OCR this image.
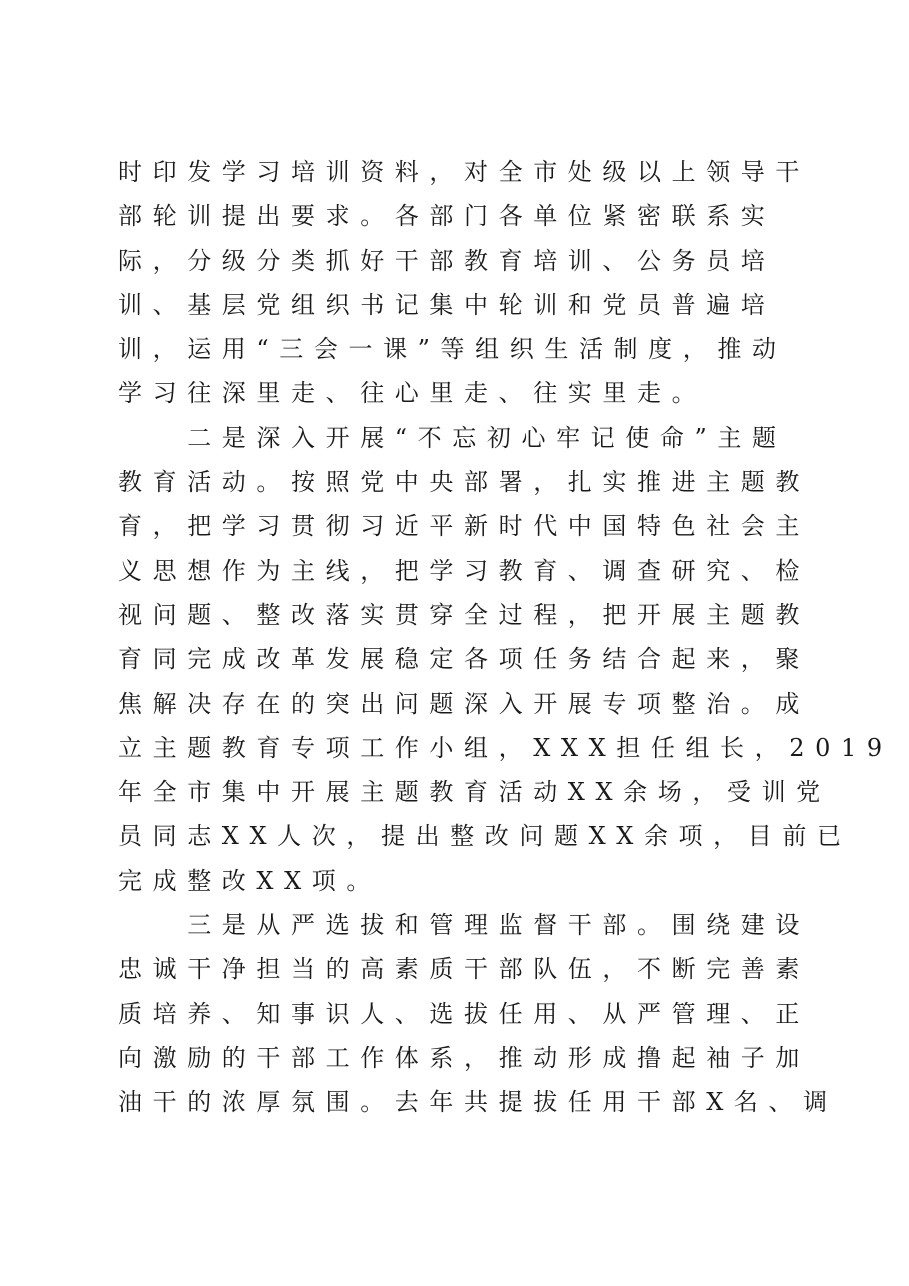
时印发学习培训资料，对全市处级以上领导干
部轮训提出要求。各部门各单位紧密联系实
际，分级分类抓好干部教育培训、公务员培
训、基层党组织书记集中轮训和党员普遍培
训，运用“三会一课”等组织生活制度，推动
学习往深里走、往心里走、往实里走。
　　二是深入开展“不忘初心牢记使命”主题
教育活动。按照党中央部署，扎实推进主题教
育，把学习贯彻习近平新时代中国特色社会主
义思想作为主线，把学习教育、调查研究、检
视问题、整改落实贯穿全过程，把开展主题教
育同完成改革发展稳定各项任务结合起来，聚
焦解决存在的突出问题深入开展专项整治。成
立主题教育专项工作小组，XXX担任组长，2019
年全市集中开展主题教育活动XX余场，受训党
员同志XX人次，提出整改问题XX余项，目前已
完成整改XX项。
　　三是从严选拔和管理监督干部。围绕建设
忠诚干净担当的高素质干部队伍，不断完善素
质培养、知事识人、选拔任用、从严管理、正
向激励的干部工作体系，推动形成撸起袖子加
油干的浓厚氛围。去年共提拔任用干部X名、调
